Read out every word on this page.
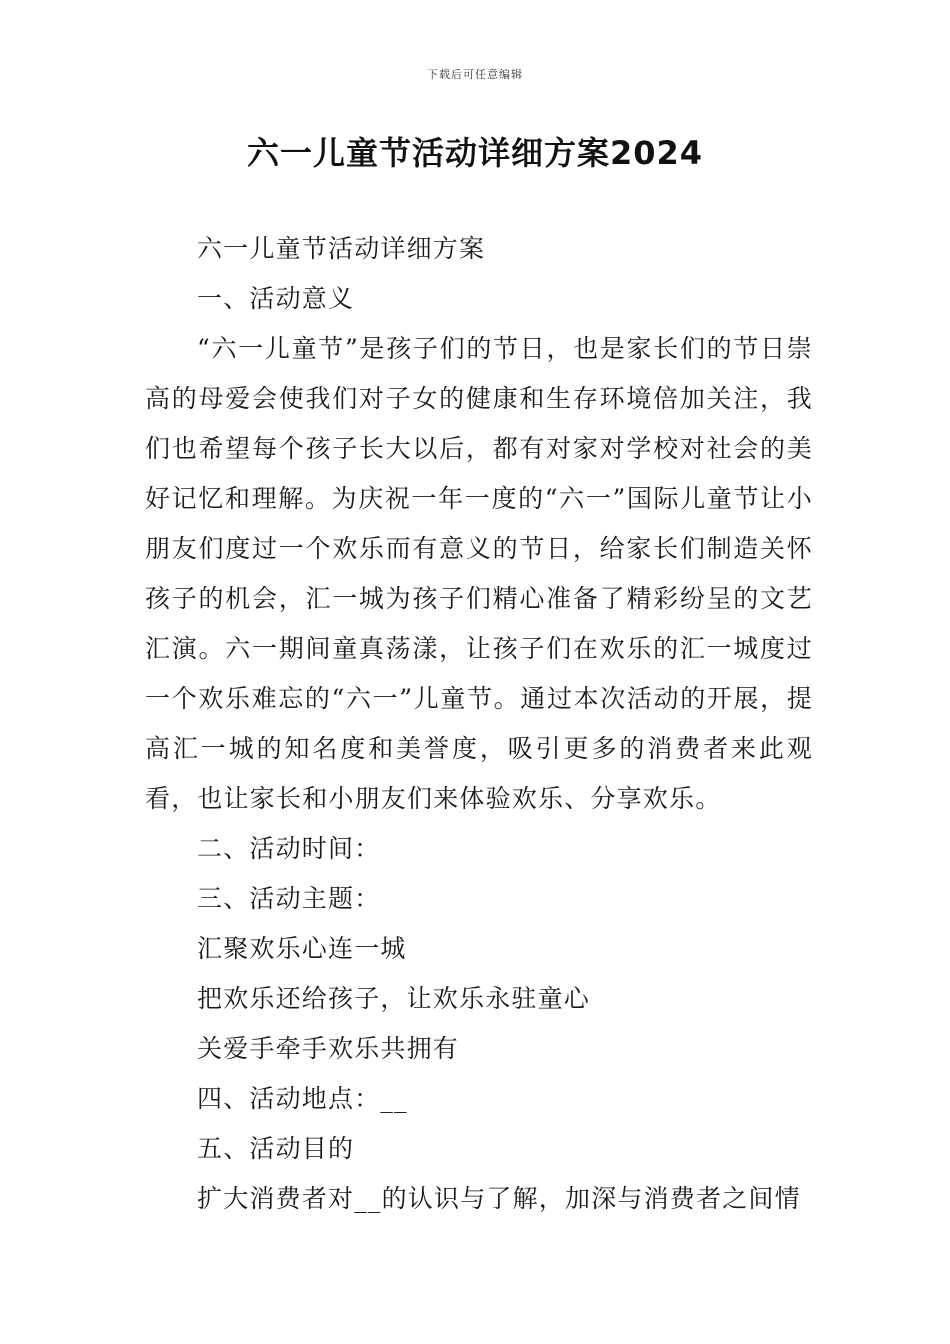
下载后可任意编辑
六一儿童节活动详细方案2024
六一儿童节活动详细方案
一、活动意义
“六一儿童节”是孩子们的节日，也是家长们的节日崇高的母爱会使我们对子女的健康和生存环境倍加关注，我们也希望每个孩子长大以后，都有对家对学校对社会的美好记忆和理解。为庆祝一年一度的“六一”国际儿童节让小朋友们度过一个欢乐而有意义的节日，给家长们制造关怀孩子的机会，汇一城为孩子们精心准备了精彩纷呈的文艺汇演。六一期间童真荡漾，让孩子们在欢乐的汇一城度过一个欢乐难忘的“六一”儿童节。通过本次活动的开展，提高汇一城的知名度和美誉度，吸引更多的消费者来此观看，也让家长和小朋友们来体验欢乐、分享欢乐。
二、活动时间：
三、活动主题：
汇聚欢乐心连一城
把欢乐还给孩子，让欢乐永驻童心
关爱手牵手欢乐共拥有
四、活动地点：__
五、活动目的
扩大消费者对__的认识与了解，加深与消费者之间情
